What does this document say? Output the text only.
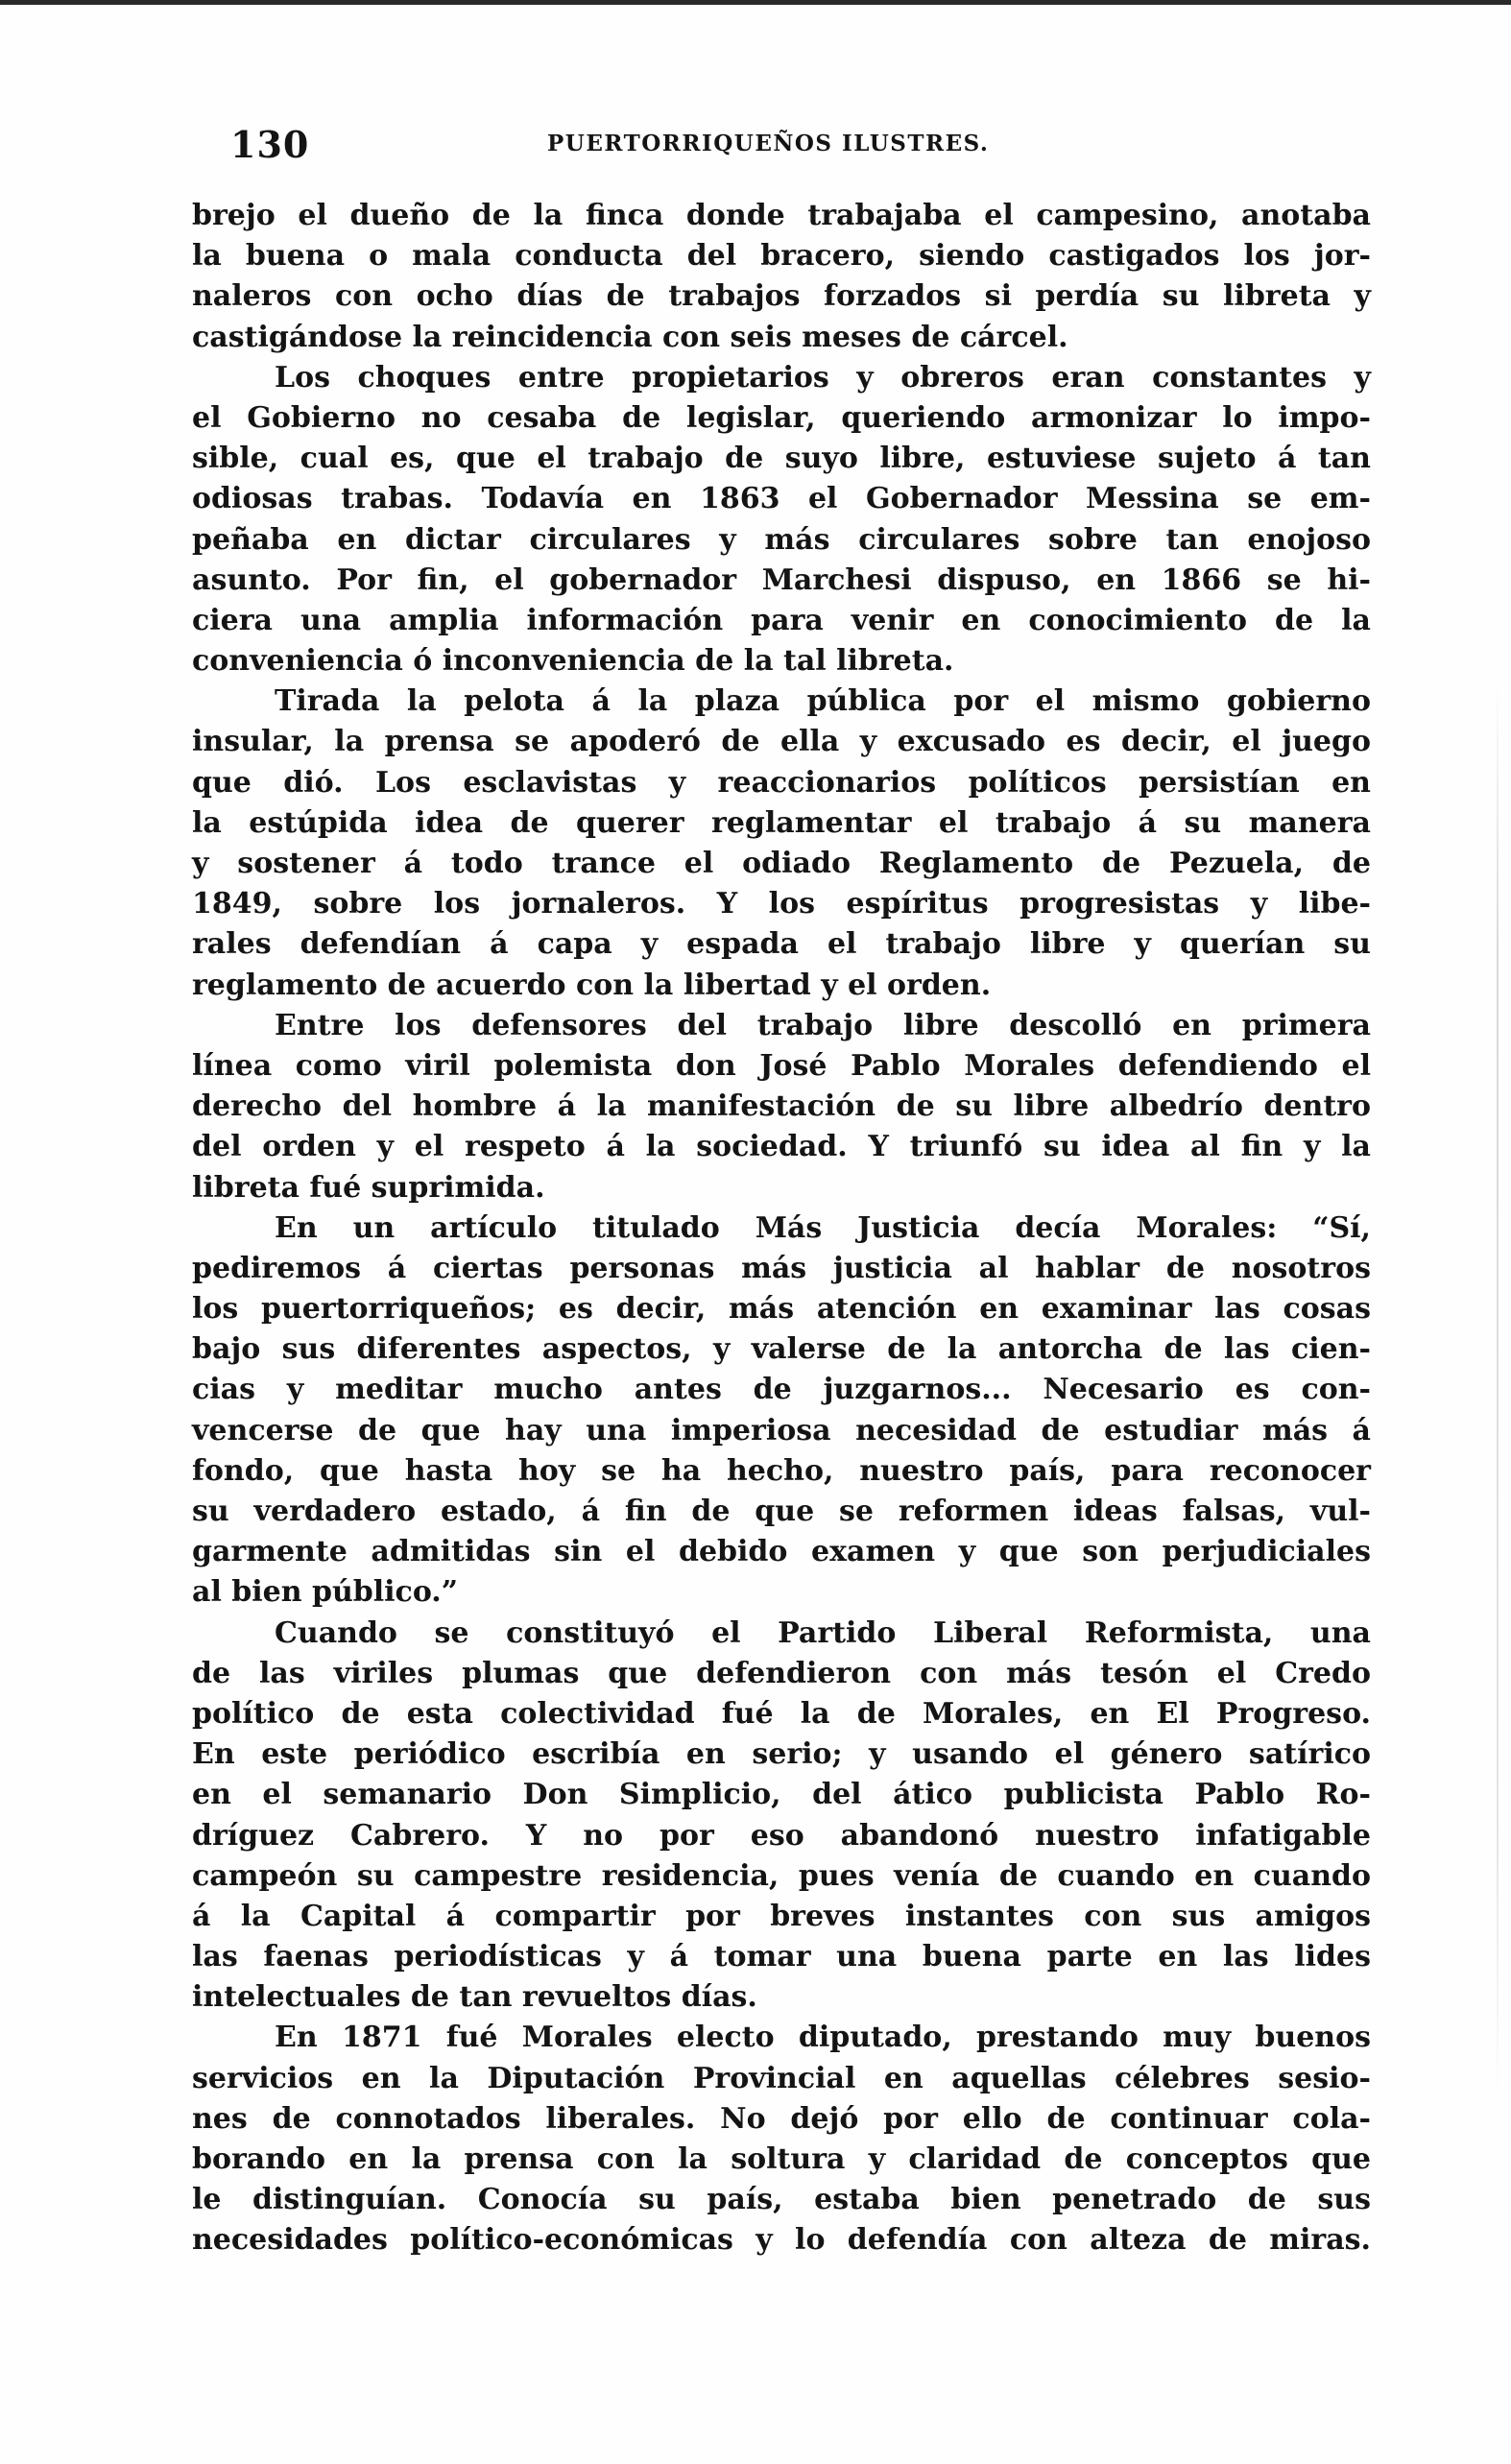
130	PUERTORRIQUEÑOS ILUSTRES.
brejo el dueño de la finca donde trabajaba el campesino, anotaba
la buena o mala conducta del bracero, siendo castigados los jor-
naleros con ocho días de trabajos forzados si perdía su libreta y
castigándose la reincidencia con seis meses de cárcel.
Los choques entre propietarios y obreros eran constantes y
el Gobierno no cesaba de legislar, queriendo armonizar lo impo-
sible, cual es, que el trabajo de suyo libre, estuviese sujeto á tan
odiosas trabas. Todavía en 1863 el Gobernador Messina se em-
peñaba en dictar circulares y más circulares sobre tan enojoso
asunto. Por fin, el gobernador Marchesi dispuso, en 1866 se hi-
ciera una amplia información para venir en conocimiento de la
conveniencia ó inconveniencia de la tal libreta.
Tirada la pelota á la plaza pública por el mismo gobierno
insular, la prensa se apoderó de ella y excusado es decir, el juego
que dió. Los esclavistas y reaccionarios políticos persistían en
la estúpida idea de querer reglamentar el trabajo á su manera
y sostener á todo trance el odiado Reglamento de Pezuela, de
1849, sobre los jornaleros. Y los espíritus progresistas y libe-
rales defendían á capa y espada el trabajo libre y querían su
reglamento de acuerdo con la libertad y el orden.
Entre los defensores del trabajo libre descolló en primera
línea como viril polemista don José Pablo Morales defendiendo el
derecho del hombre á la manifestación de su libre albedrío dentro
del orden y el respeto á la sociedad. Y triunfó su idea al fin y la
libreta fué suprimida.
En un artículo titulado Más Justicia decía Morales: “Sí,
pediremos á ciertas personas más justicia al hablar de nosotros
los puertorriqueños; es decir, más atención en examinar las cosas
bajo sus diferentes aspectos, y valerse de la antorcha de las cien-
cias y meditar mucho antes de juzgarnos... Necesario es con-
vencerse de que hay una imperiosa necesidad de estudiar más á
fondo, que hasta hoy se ha hecho, nuestro país, para reconocer
su verdadero estado, á fin de que se reformen ideas falsas, vul-
garmente admitidas sin el debido examen y que son perjudiciales
al bien público.”
Cuando se constituyó el Partido Liberal Reformista, una
de las viriles plumas que defendieron con más tesón el Credo
político de esta colectividad fué la de Morales, en El Progreso.
En este periódico escribía en serio; y usando el género satírico
en el semanario Don Simplicio, del ático publicista Pablo Ro-
dríguez Cabrero. Y no por eso abandonó nuestro infatigable
campeón su campestre residencia, pues venía de cuando en cuando
á la Capital á compartir por breves instantes con sus amigos
las faenas periodísticas y á tomar una buena parte en las lides
intelectuales de tan revueltos días.
En 1871 fué Morales electo diputado, prestando muy buenos
servicios en la Diputación Provincial en aquellas célebres sesio-
nes de connotados liberales. No dejó por ello de continuar cola-
borando en la prensa con la soltura y claridad de conceptos que
le distinguían. Conocía su país, estaba bien penetrado de sus
necesidades político-económicas y lo defendía con alteza de miras.
